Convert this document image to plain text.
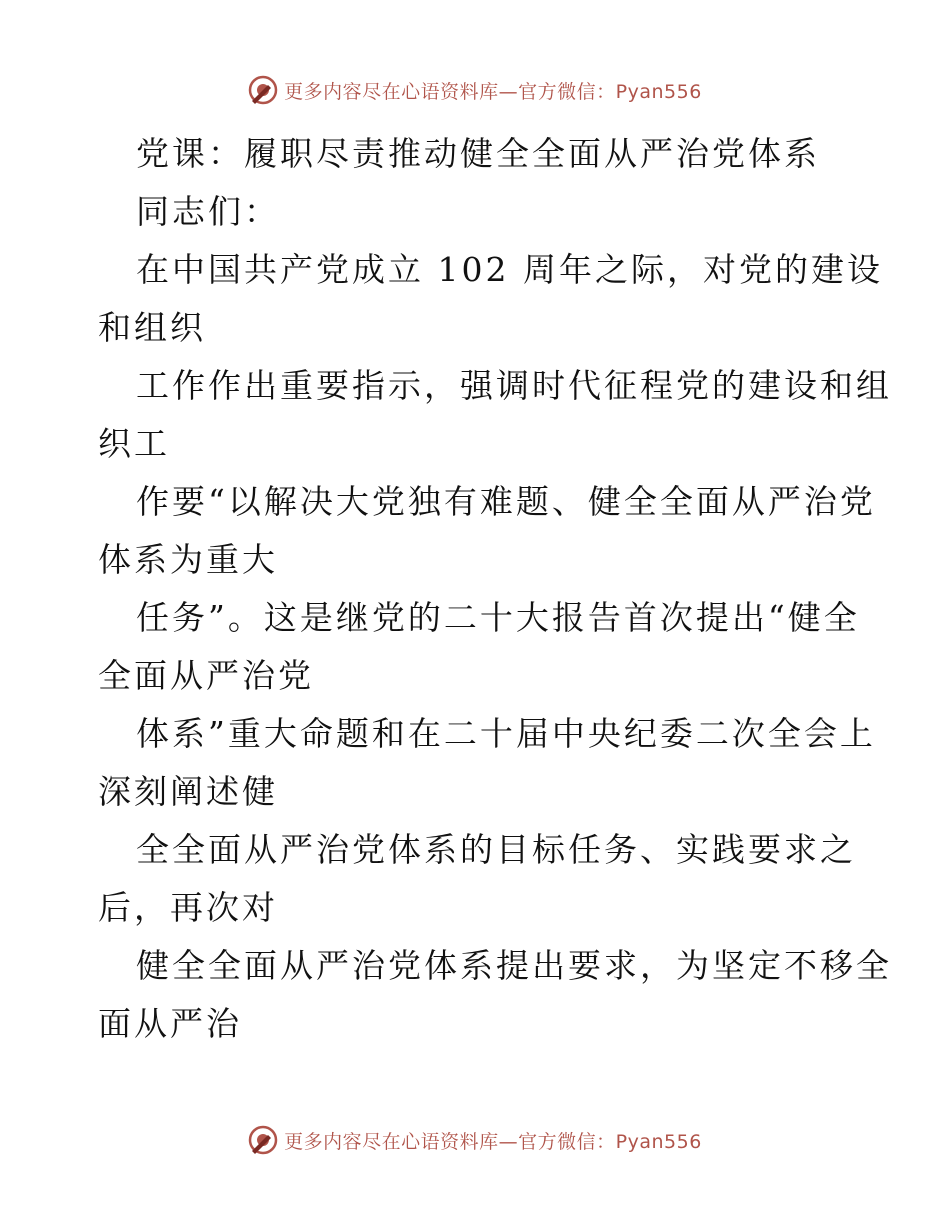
更多内容尽在心语资料库—官方微信：Pyan556
党课：履职尽责推动健全全面从严治党体系
同志们：
在中国共产党成立 102 周年之际，对党的建设
和组织
工作作出重要指示，强调时代征程党的建设和组
织工
作要“以解决大党独有难题、健全全面从严治党
体系为重大
任务”。这是继党的二十大报告首次提出“健全
全面从严治党
体系”重大命题和在二十届中央纪委二次全会上
深刻阐述健
全全面从严治党体系的目标任务、实践要求之
后，再次对
健全全面从严治党体系提出要求，为坚定不移全
面从严治
更多内容尽在心语资料库—官方微信：Pyan556
